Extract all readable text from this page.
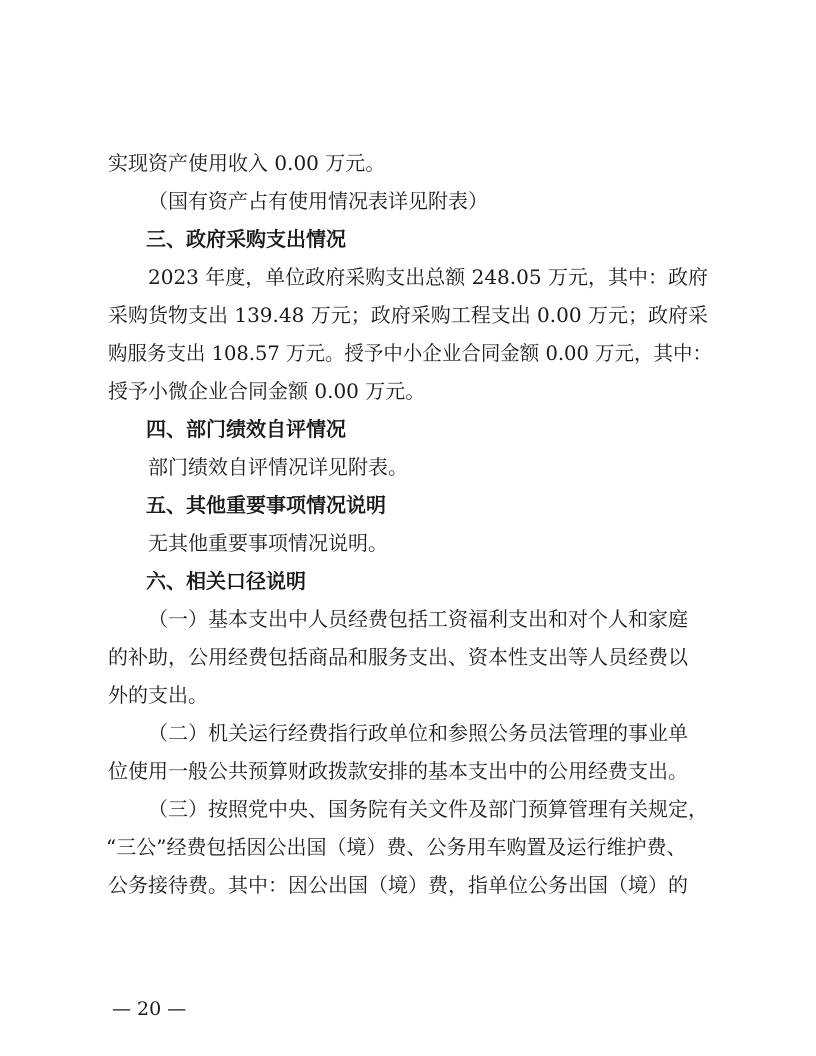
实现资产使用收入 0.00 万元。
（国有资产占有使用情况表详见附表）
三、政府采购支出情况
2023 年度，单位政府采购支出总额 248.05 万元，其中：政府
采购货物支出 139.48 万元；政府采购工程支出 0.00 万元；政府采
购服务支出 108.57 万元。授予中小企业合同金额 0.00 万元，其中：
授予小微企业合同金额 0.00 万元。
四、部门绩效自评情况
部门绩效自评情况详见附表。
五、其他重要事项情况说明
无其他重要事项情况说明。
六、相关口径说明
（一）基本支出中人员经费包括工资福利支出和对个人和家庭
的补助，公用经费包括商品和服务支出、资本性支出等人员经费以
外的支出。
（二）机关运行经费指行政单位和参照公务员法管理的事业单
位使用一般公共预算财政拨款安排的基本支出中的公用经费支出。
（三）按照党中央、国务院有关文件及部门预算管理有关规定，
“三公”经费包括因公出国（境）费、公务用车购置及运行维护费、
公务接待费。其中：因公出国（境）费，指单位公务出国（境）的
— 20 —
